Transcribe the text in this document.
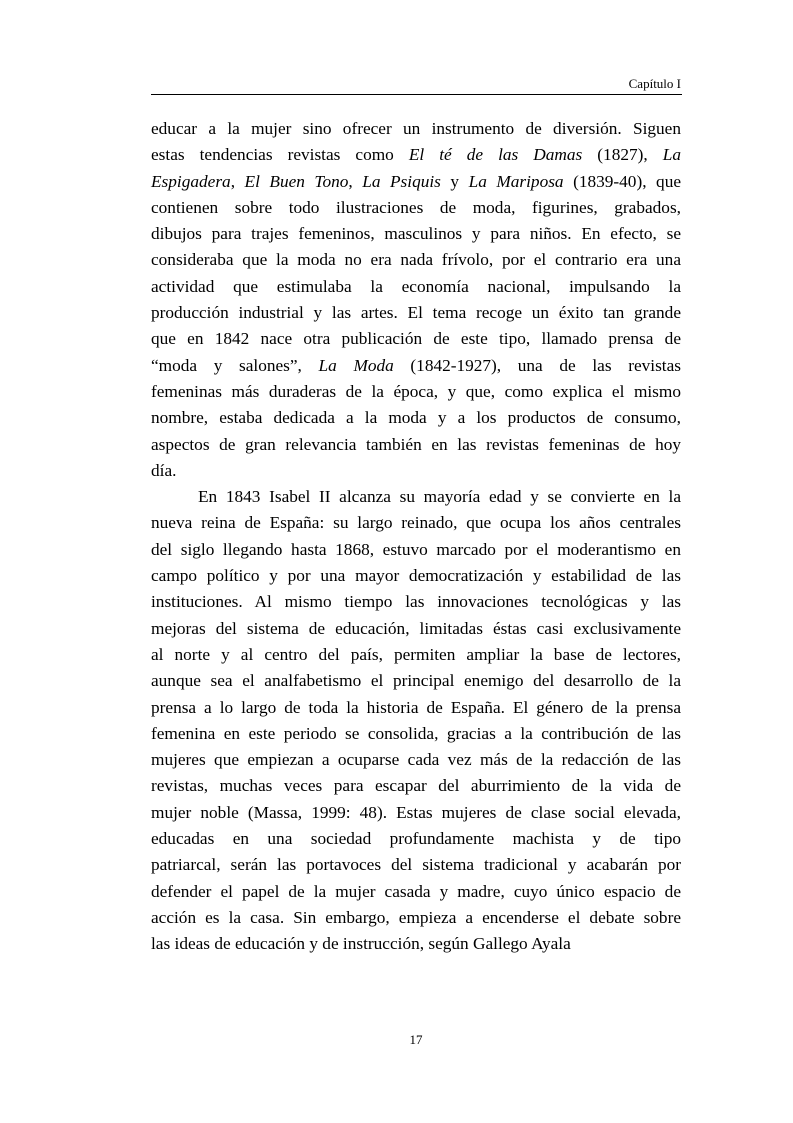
Capítulo I
educar a la mujer sino ofrecer un instrumento de diversión. Siguen
estas tendencias revistas como El té de las Damas (1827), La
Espigadera, El Buen Tono, La Psiquis y La Mariposa (1839-40), que
contienen sobre todo ilustraciones de moda, figurines, grabados,
dibujos para trajes femeninos, masculinos y para niños. En efecto, se
consideraba que la moda no era nada frívolo, por el contrario era una
actividad que estimulaba la economía nacional, impulsando la
producción industrial y las artes. El tema recoge un éxito tan grande
que en 1842 nace otra publicación de este tipo, llamado prensa de
“moda y salones”, La Moda (1842-1927), una de las revistas
femeninas más duraderas de la época, y que, como explica el mismo
nombre, estaba dedicada a la moda y a los productos de consumo,
aspectos de gran relevancia también en las revistas femeninas de hoy
día.
En 1843 Isabel II alcanza su mayoría edad y se convierte en la
nueva reina de España: su largo reinado, que ocupa los años centrales
del siglo llegando hasta 1868, estuvo marcado por el moderantismo en
campo político y por una mayor democratización y estabilidad de las
instituciones. Al mismo tiempo las innovaciones tecnológicas y las
mejoras del sistema de educación, limitadas éstas casi exclusivamente
al norte y al centro del país, permiten ampliar la base de lectores,
aunque sea el analfabetismo el principal enemigo del desarrollo de la
prensa a lo largo de toda la historia de España. El género de la prensa
femenina en este periodo se consolida, gracias a la contribución de las
mujeres que empiezan a ocuparse cada vez más de la redacción de las
revistas, muchas veces para escapar del aburrimiento de la vida de
mujer noble (Massa, 1999: 48). Estas mujeres de clase social elevada,
educadas en una sociedad profundamente machista y de tipo
patriarcal, serán las portavoces del sistema tradicional y acabarán por
defender el papel de la mujer casada y madre, cuyo único espacio de
acción es la casa. Sin embargo, empieza a encenderse el debate sobre
las ideas de educación y de instrucción, según Gallego Ayala
17
